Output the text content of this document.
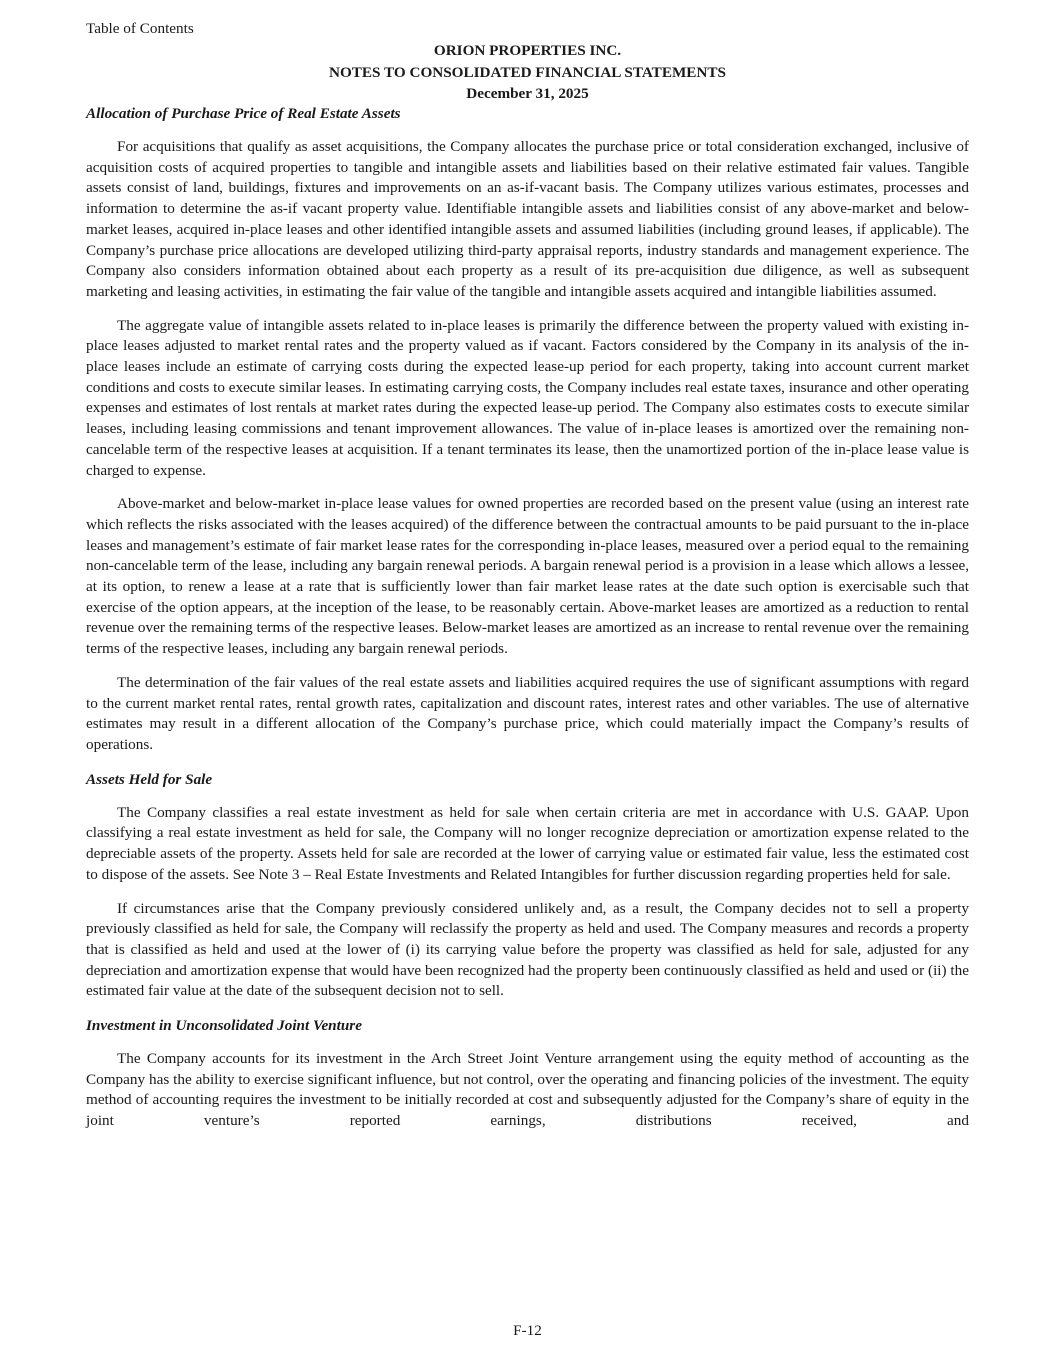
Table of Contents
ORION PROPERTIES INC.
NOTES TO CONSOLIDATED FINANCIAL STATEMENTS
December 31, 2025
Allocation of Purchase Price of Real Estate Assets

For acquisitions that qualify as asset acquisitions, the Company allocates the purchase price or total consideration exchanged, inclusive of acquisition costs of acquired properties to tangible and intangible assets and liabilities based on their relative estimated fair values. Tangible assets consist of land, buildings, fixtures and improvements on an as-if-vacant basis. The Company utilizes various estimates, processes and information to determine the as-if vacant property value. Identifiable intangible assets and liabilities consist of any above-market and below-market leases, acquired in-place leases and other identified intangible assets and assumed liabilities (including ground leases, if applicable). The Company’s purchase price allocations are developed utilizing third-party appraisal reports, industry standards and management experience. The Company also considers information obtained about each property as a result of its pre-acquisition due diligence, as well as subsequent marketing and leasing activities, in estimating the fair value of the tangible and intangible assets acquired and intangible liabilities assumed.

The aggregate value of intangible assets related to in-place leases is primarily the difference between the property valued with existing in-place leases adjusted to market rental rates and the property valued as if vacant. Factors considered by the Company in its analysis of the in-place leases include an estimate of carrying costs during the expected lease-up period for each property, taking into account current market conditions and costs to execute similar leases. In estimating carrying costs, the Company includes real estate taxes, insurance and other operating expenses and estimates of lost rentals at market rates during the expected lease-up period. The Company also estimates costs to execute similar leases, including leasing commissions and tenant improvement allowances. The value of in-place leases is amortized over the remaining non-cancelable term of the respective leases at acquisition. If a tenant terminates its lease, then the unamortized portion of the in-place lease value is charged to expense.

Above-market and below-market in-place lease values for owned properties are recorded based on the present value (using an interest rate which reflects the risks associated with the leases acquired) of the difference between the contractual amounts to be paid pursuant to the in-place leases and management’s estimate of fair market lease rates for the corresponding in-place leases, measured over a period equal to the remaining non-cancelable term of the lease, including any bargain renewal periods. A bargain renewal period is a provision in a lease which allows a lessee, at its option, to renew a lease at a rate that is sufficiently lower than fair market lease rates at the date such option is exercisable such that exercise of the option appears, at the inception of the lease, to be reasonably certain. Above-market leases are amortized as a reduction to rental revenue over the remaining terms of the respective leases. Below-market leases are amortized as an increase to rental revenue over the remaining terms of the respective leases, including any bargain renewal periods.

The determination of the fair values of the real estate assets and liabilities acquired requires the use of significant assumptions with regard to the current market rental rates, rental growth rates, capitalization and discount rates, interest rates and other variables. The use of alternative estimates may result in a different allocation of the Company’s purchase price, which could materially impact the Company’s results of operations.

Assets Held for Sale

The Company classifies a real estate investment as held for sale when certain criteria are met in accordance with U.S. GAAP. Upon classifying a real estate investment as held for sale, the Company will no longer recognize depreciation or amortization expense related to the depreciable assets of the property. Assets held for sale are recorded at the lower of carrying value or estimated fair value, less the estimated cost to dispose of the assets. See Note 3 – Real Estate Investments and Related Intangibles for further discussion regarding properties held for sale.

If circumstances arise that the Company previously considered unlikely and, as a result, the Company decides not to sell a property previously classified as held for sale, the Company will reclassify the property as held and used. The Company measures and records a property that is classified as held and used at the lower of (i) its carrying value before the property was classified as held for sale, adjusted for any depreciation and amortization expense that would have been recognized had the property been continuously classified as held and used or (ii) the estimated fair value at the date of the subsequent decision not to sell.

Investment in Unconsolidated Joint Venture

The Company accounts for its investment in the Arch Street Joint Venture arrangement using the equity method of accounting as the Company has the ability to exercise significant influence, but not control, over the operating and financing policies of the investment. The equity method of accounting requires the investment to be initially recorded at cost and subsequently adjusted for the Company’s share of equity in the joint venture’s reported earnings, distributions received, and

F-12
